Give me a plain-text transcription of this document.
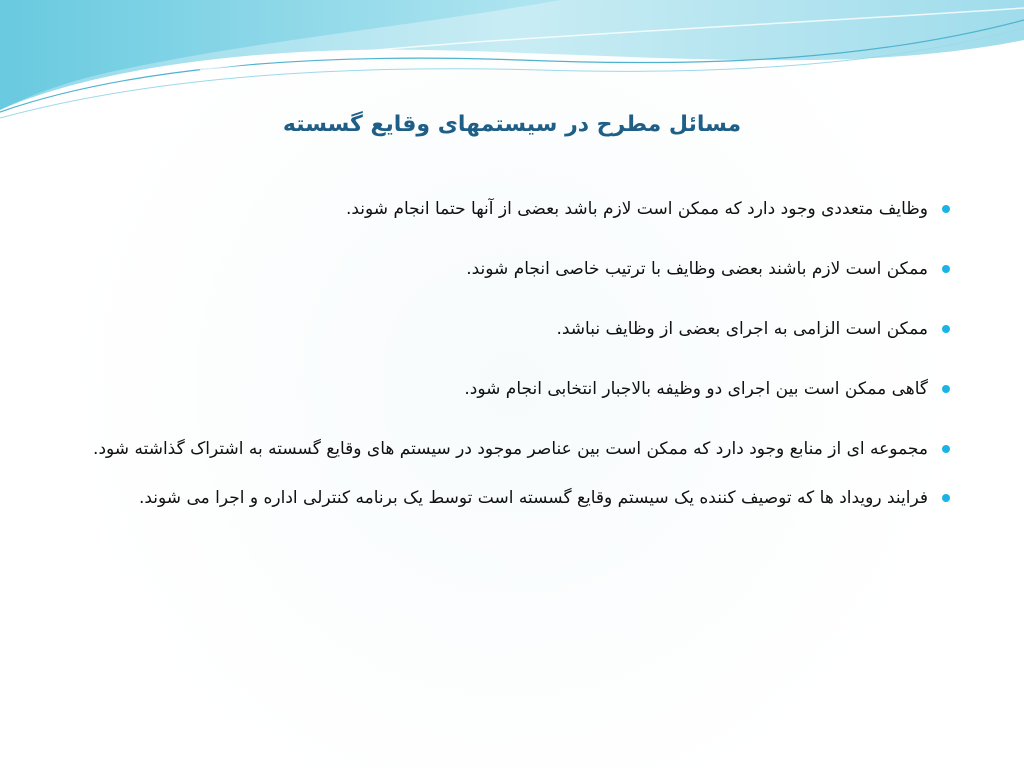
مسائل مطرح در سیستمهای وقایع گسسته
وظایف متعددی وجود دارد که ممکن است لازم باشد بعضی از آنها حتما انجام شوند.
ممکن است لازم باشند بعضی وظایف با ترتیب خاصی انجام شوند.
ممکن است الزامی به اجرای بعضی از وظایف نباشد.
گاهی ممکن است بین اجرای دو وظیفه بالاجبار انتخابی انجام شود.
مجموعه ای از منابع وجود دارد که ممکن است بین عناصر موجود در سیستم های وقایع گسسته به اشتراک گذاشته شود.
فرایند رویداد ها که توصیف کننده یک سیستم وقایع گسسته است توسط یک برنامه کنترلی اداره و اجرا می شوند.
